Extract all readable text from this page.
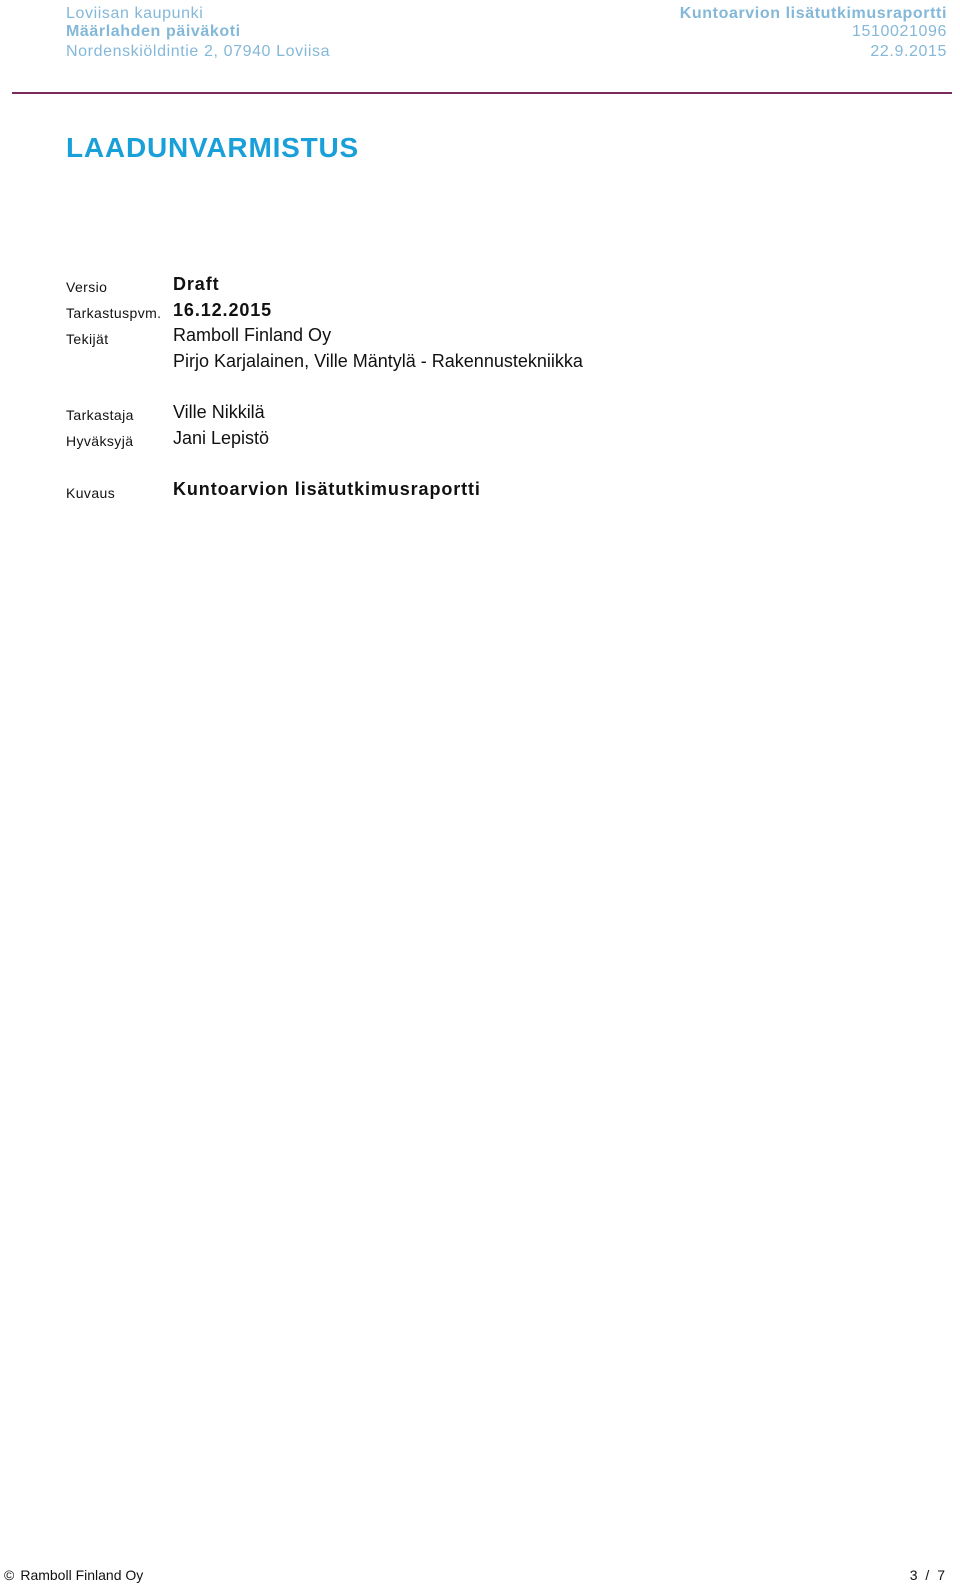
Loviisan kaupunki
Määrlahden päiväkoti
Nordenskiöldintie 2, 07940 Loviisa
Kuntoarvion lisätutkimusraportti
1510021096
22.9.2015
LAADUNVARMISTUS
Versio	Draft
Tarkastuspvm. 16.12.2015
Tekijät	Ramboll Finland Oy
Pirjo Karjalainen, Ville Mäntylä - Rakennustekniikka
Tarkastaja Ville Nikkilä
Hyväksyjä Jani Lepistö
Kuvaus	Kuntoarvion lisätutkimusraportti
© Ramboll Finland Oy	3 / 7
